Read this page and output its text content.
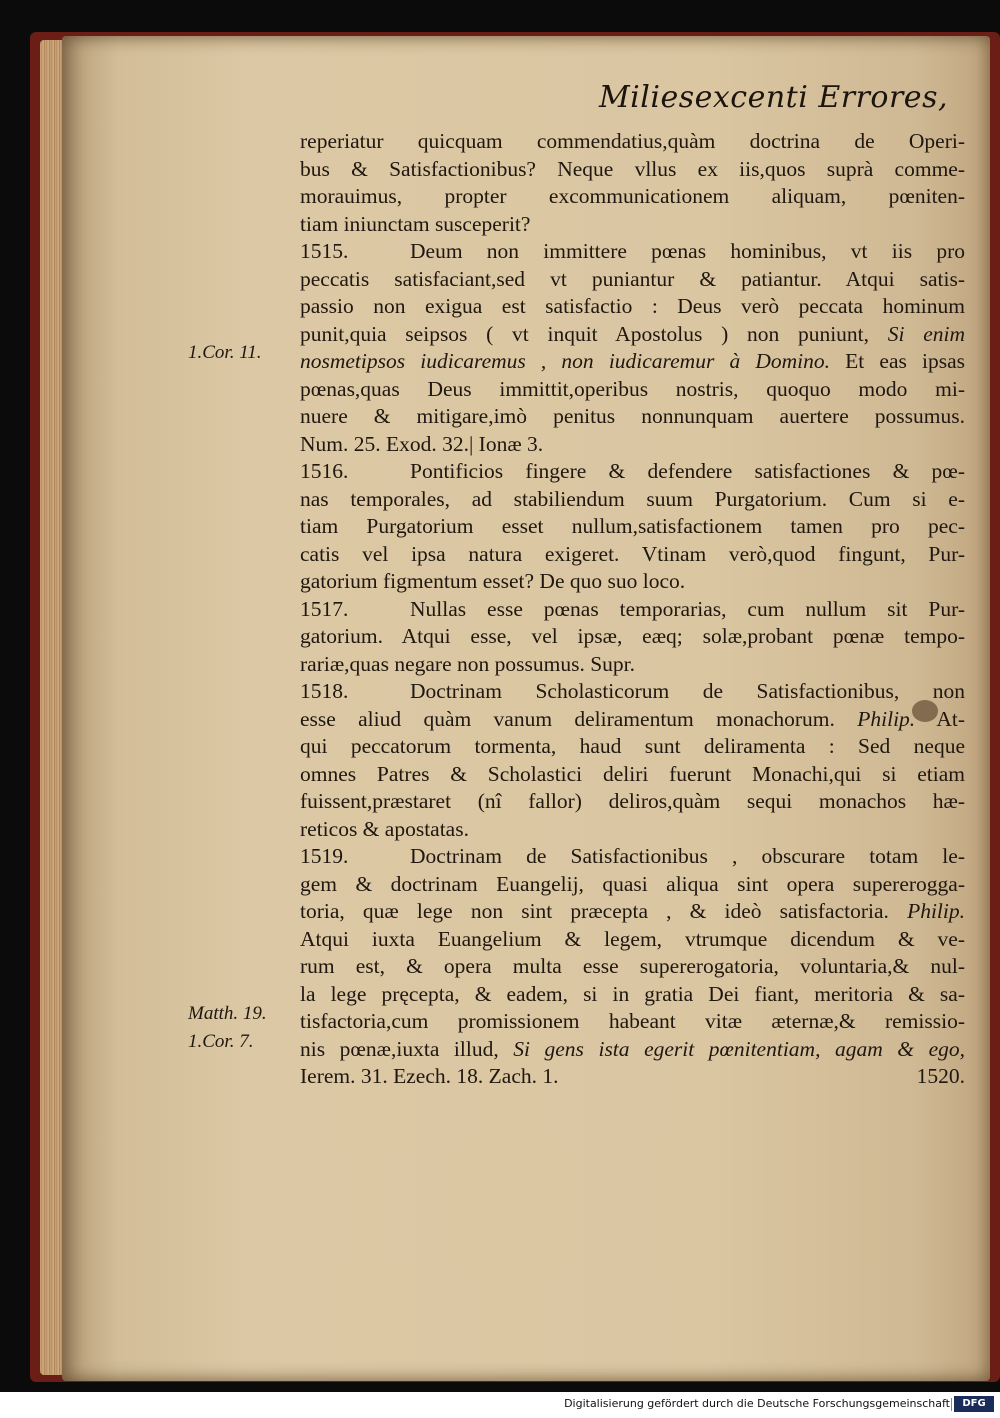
Miliesexcenti Errores,
1.Cor. 11.
Matth. 19.
1.Cor. 7.
reperiatur quicquam commendatius,quàm doctrina de Operi-
bus & Satisfactionibus? Neque vllus ex iis,quos suprà comme-
morauimus, propter excommunicationem aliquam, pœniten-
tiam iniunctam susceperit?
1515.	Deum non immittere pœnas hominibus, vt iis pro
peccatis satisfaciant,sed vt puniantur & patiantur. Atqui satis-
passio non exigua est satisfactio : Deus verò peccata hominum
punit,quia seipsos ( vt inquit Apostolus ) non puniunt, Si enim
nosmetipsos iudicaremus , non iudicaremur à Domino. Et eas ipsas
pœnas,quas Deus immittit,operibus nostris, quoquo modo mi-
nuere & mitigare,imò penitus nonnunquam auertere possumus.
Num. 25. Exod. 32.| Ionæ 3.
1516.	Pontificios fingere & defendere satisfactiones & pœ-
nas temporales, ad stabiliendum suum Purgatorium. Cum si e-
tiam Purgatorium esset nullum,satisfactionem tamen pro pec-
catis vel ipsa natura exigeret. Vtinam verò,quod fingunt, Pur-
gatorium figmentum esset? De quo suo loco.
1517.	Nullas esse pœnas temporarias, cum nullum sit Pur-
gatorium. Atqui esse, vel ipsæ, eæq; solæ,probant pœnæ tempo-
rariæ,quas negare non possumus. Supr.
1518.	Doctrinam Scholasticorum de Satisfactionibus, non
esse aliud quàm vanum deliramentum monachorum. Philip. At-
qui peccatorum tormenta, haud sunt deliramenta : Sed neque
omnes Patres & Scholastici deliri fuerunt Monachi,qui si etiam
fuissent,præstaret (nî fallor) deliros,quàm sequi monachos hæ-
reticos & apostatas.
1519.	Doctrinam de Satisfactionibus , obscurare totam le-
gem & doctrinam Euangelij, quasi aliqua sint opera supererogga-
toria, quæ lege non sint præcepta , & ideò satisfactoria. Philip.
Atqui iuxta Euangelium & legem, vtrumque dicendum & ve-
rum est, & opera multa esse supererogatoria, voluntaria,& nul-
la lege pręcepta, & eadem, si in gratia Dei fiant, meritoria & sa-
tisfactoria,cum promissionem habeant vitæ æternæ,& remissio-
nis pœnæ,iuxta illud, Si gens ista egerit pœnitentiam, agam & ego,
Ierem. 31. Ezech. 18. Zach. 1.	1520.
Digitalisierung gefördert durch die Deutsche Forschungsgemeinschaft	DFG
